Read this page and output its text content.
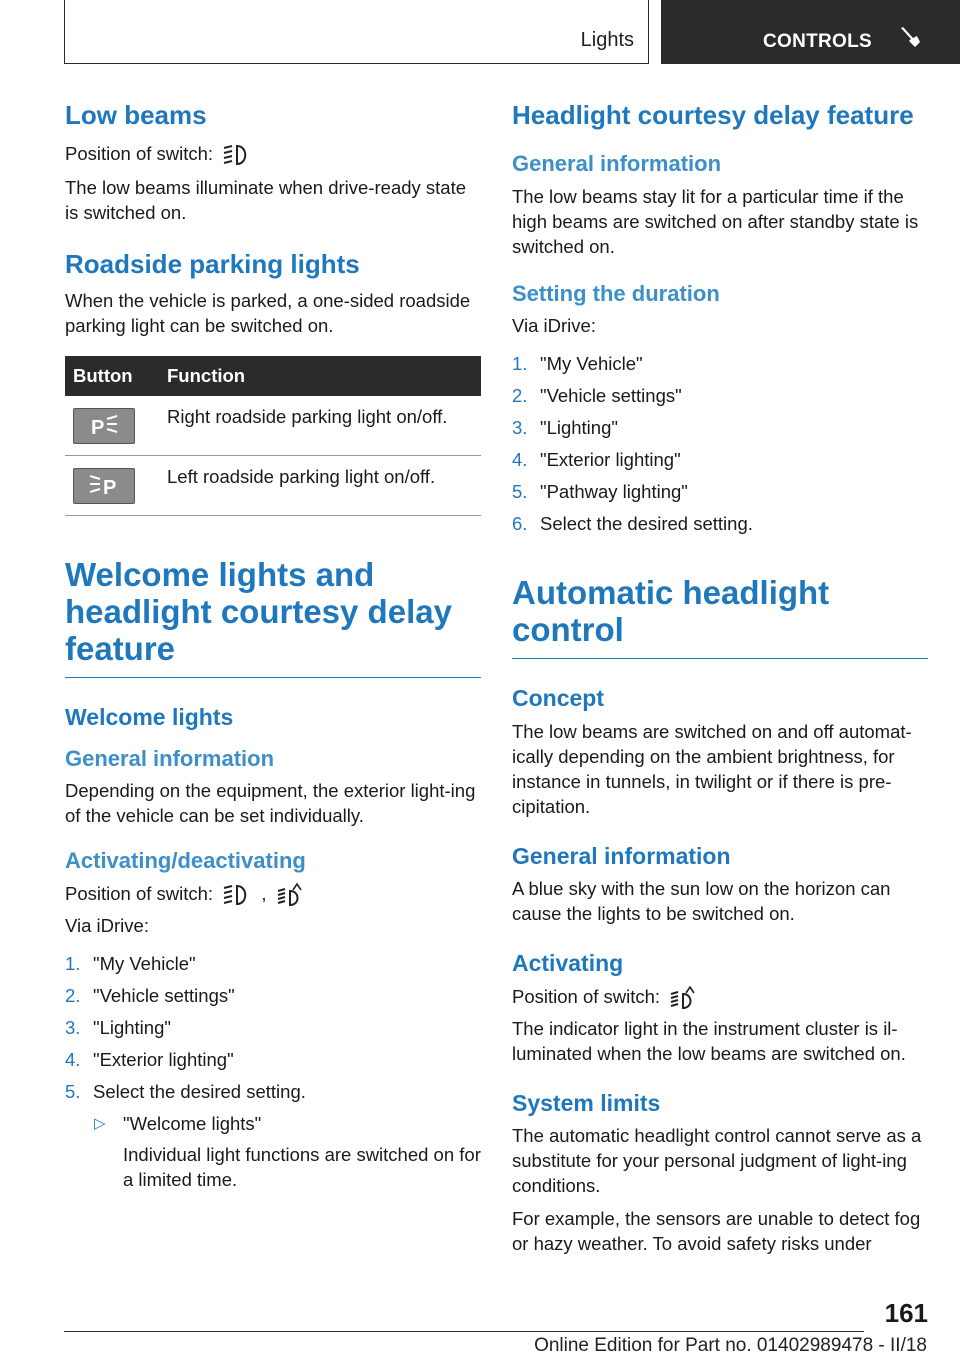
Lights	CONTROLS
Low beams

Position of switch:

The low beams illuminate when drive-ready state is switched on.

Roadside parking lights

When the vehicle is parked, a one-sided roadside parking light can be switched on.

Button	Function

P	Right roadside parking light on/off.

P	Left roadside parking light on/off.
Welcome lights and headlight courtesy delay feature
Welcome lights
General information

Depending on the equipment, the exterior light-ing of the vehicle can be set individually.

Activating/deactivating

Position of switch:	,

Via iDrive:

1. "My Vehicle"
2. "Vehicle settings"
3. "Lighting"
4. "Exterior lighting"
5. Select the desired setting.
▷ "Welcome lights"
Individual light functions are switched on for a limited time.
Headlight courtesy delay feature
General information

The low beams stay lit for a particular time if the high beams are switched on after standby state is switched on.

Setting the duration

Via iDrive:

1. "My Vehicle"
2. "Vehicle settings"
3. "Lighting"
4. "Exterior lighting"
5. "Pathway lighting"
6. Select the desired setting.
Automatic headlight control
Concept

The low beams are switched on and off automat-ically depending on the ambient brightness, for instance in tunnels, in twilight or if there is pre-cipitation.

General information

A blue sky with the sun low on the horizon can cause the lights to be switched on.

Activating

Position of switch:

The indicator light in the instrument cluster is il-luminated when the low beams are switched on.

System limits

The automatic headlight control cannot serve as a substitute for your personal judgment of light-ing conditions.

For example, the sensors are unable to detect fog or hazy weather. To avoid safety risks under

161
Online Edition for Part no. 01402989478 - II/18
